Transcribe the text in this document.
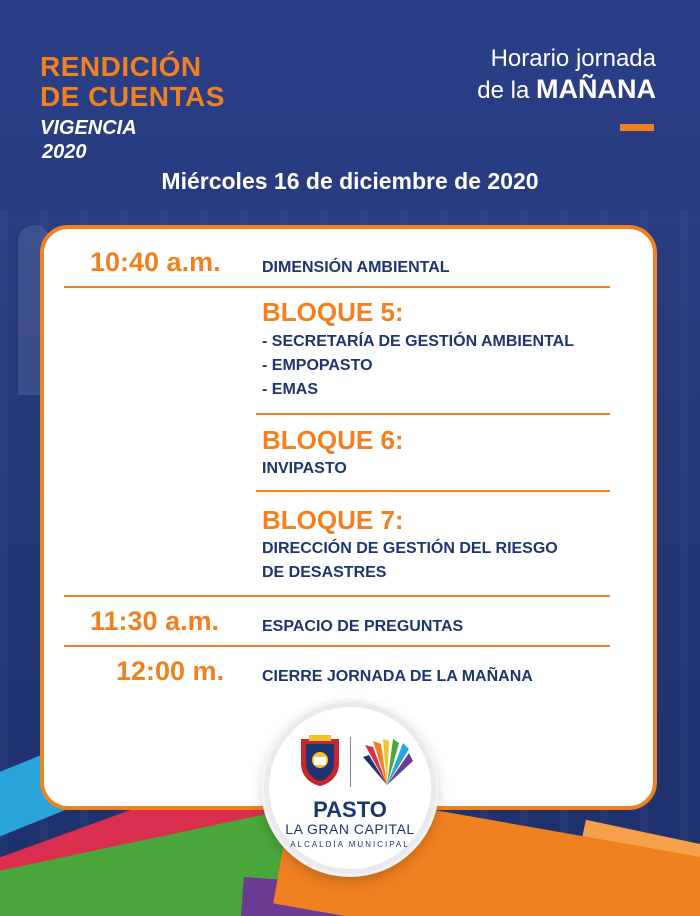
RENDICIÓN
DE CUENTAS
VIGENCIA
2020
Horario jornada
de la MAÑANA
Miércoles 16 de diciembre de 2020
10:40 a.m.	DIMENSIÓN AMBIENTAL
BLOQUE 5:
- SECRETARÍA DE GESTIÓN AMBIENTAL
- EMPOPASTO
- EMAS
BLOQUE 6:
INVIPASTO
BLOQUE 7:
DIRECCIÓN DE GESTIÓN DEL RIESGO
DE DESASTRES
11:30 a.m.	ESPACIO DE PREGUNTAS
12:00 m. CIERRE JORNADA DE LA MAÑANA
PASTO
LA GRAN CAPITAL
ALCALDÍA MUNICIPAL
